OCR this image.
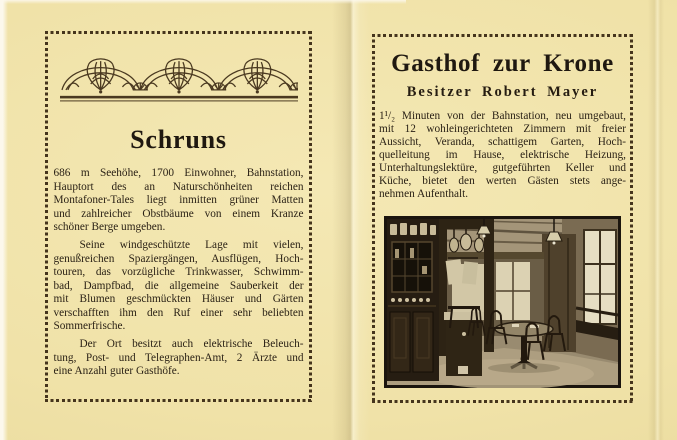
Schruns

686 m Seehöhe, 1700 Einwohner, Bahnstation,
Hauptort des an Naturschönheiten reichen
Montafoner-Tales liegt inmitten grüner Matten
und zahlreicher Obstbäume von einem Kranze
schöner Berge umgeben.

Seine windgeschützte Lage mit vielen,
genußreichen Spaziergängen, Ausflügen, Hoch-
touren, das vorzügliche Trinkwasser, Schwimm-
bad, Dampfbad, die allgemeine Sauberkeit der
mit Blumen geschmückten Häuser und Gärten
verschafften ihm den Ruf einer sehr beliebten
Sommerfrische.

Der Ort besitzt auch elektrische Beleuch-
tung, Post- und Telegraphen-Amt, 2 Ärzte und
eine Anzahl guter Gasthöfe.

Gasthof zur Krone
Besitzer Robert Mayer

1¹/₂ Minuten von der Bahnstation, neu umgebaut,
mit 12 wohleingerichteten Zimmern mit freier
Aussicht, Veranda, schattigem Garten, Hoch-
quelleitung im Hause, elektrische Heizung,
Unterhaltungslektüre, gutgeführten Keller und
Küche, bietet den werten Gästen stets ange-
nehmen Aufenthalt.
